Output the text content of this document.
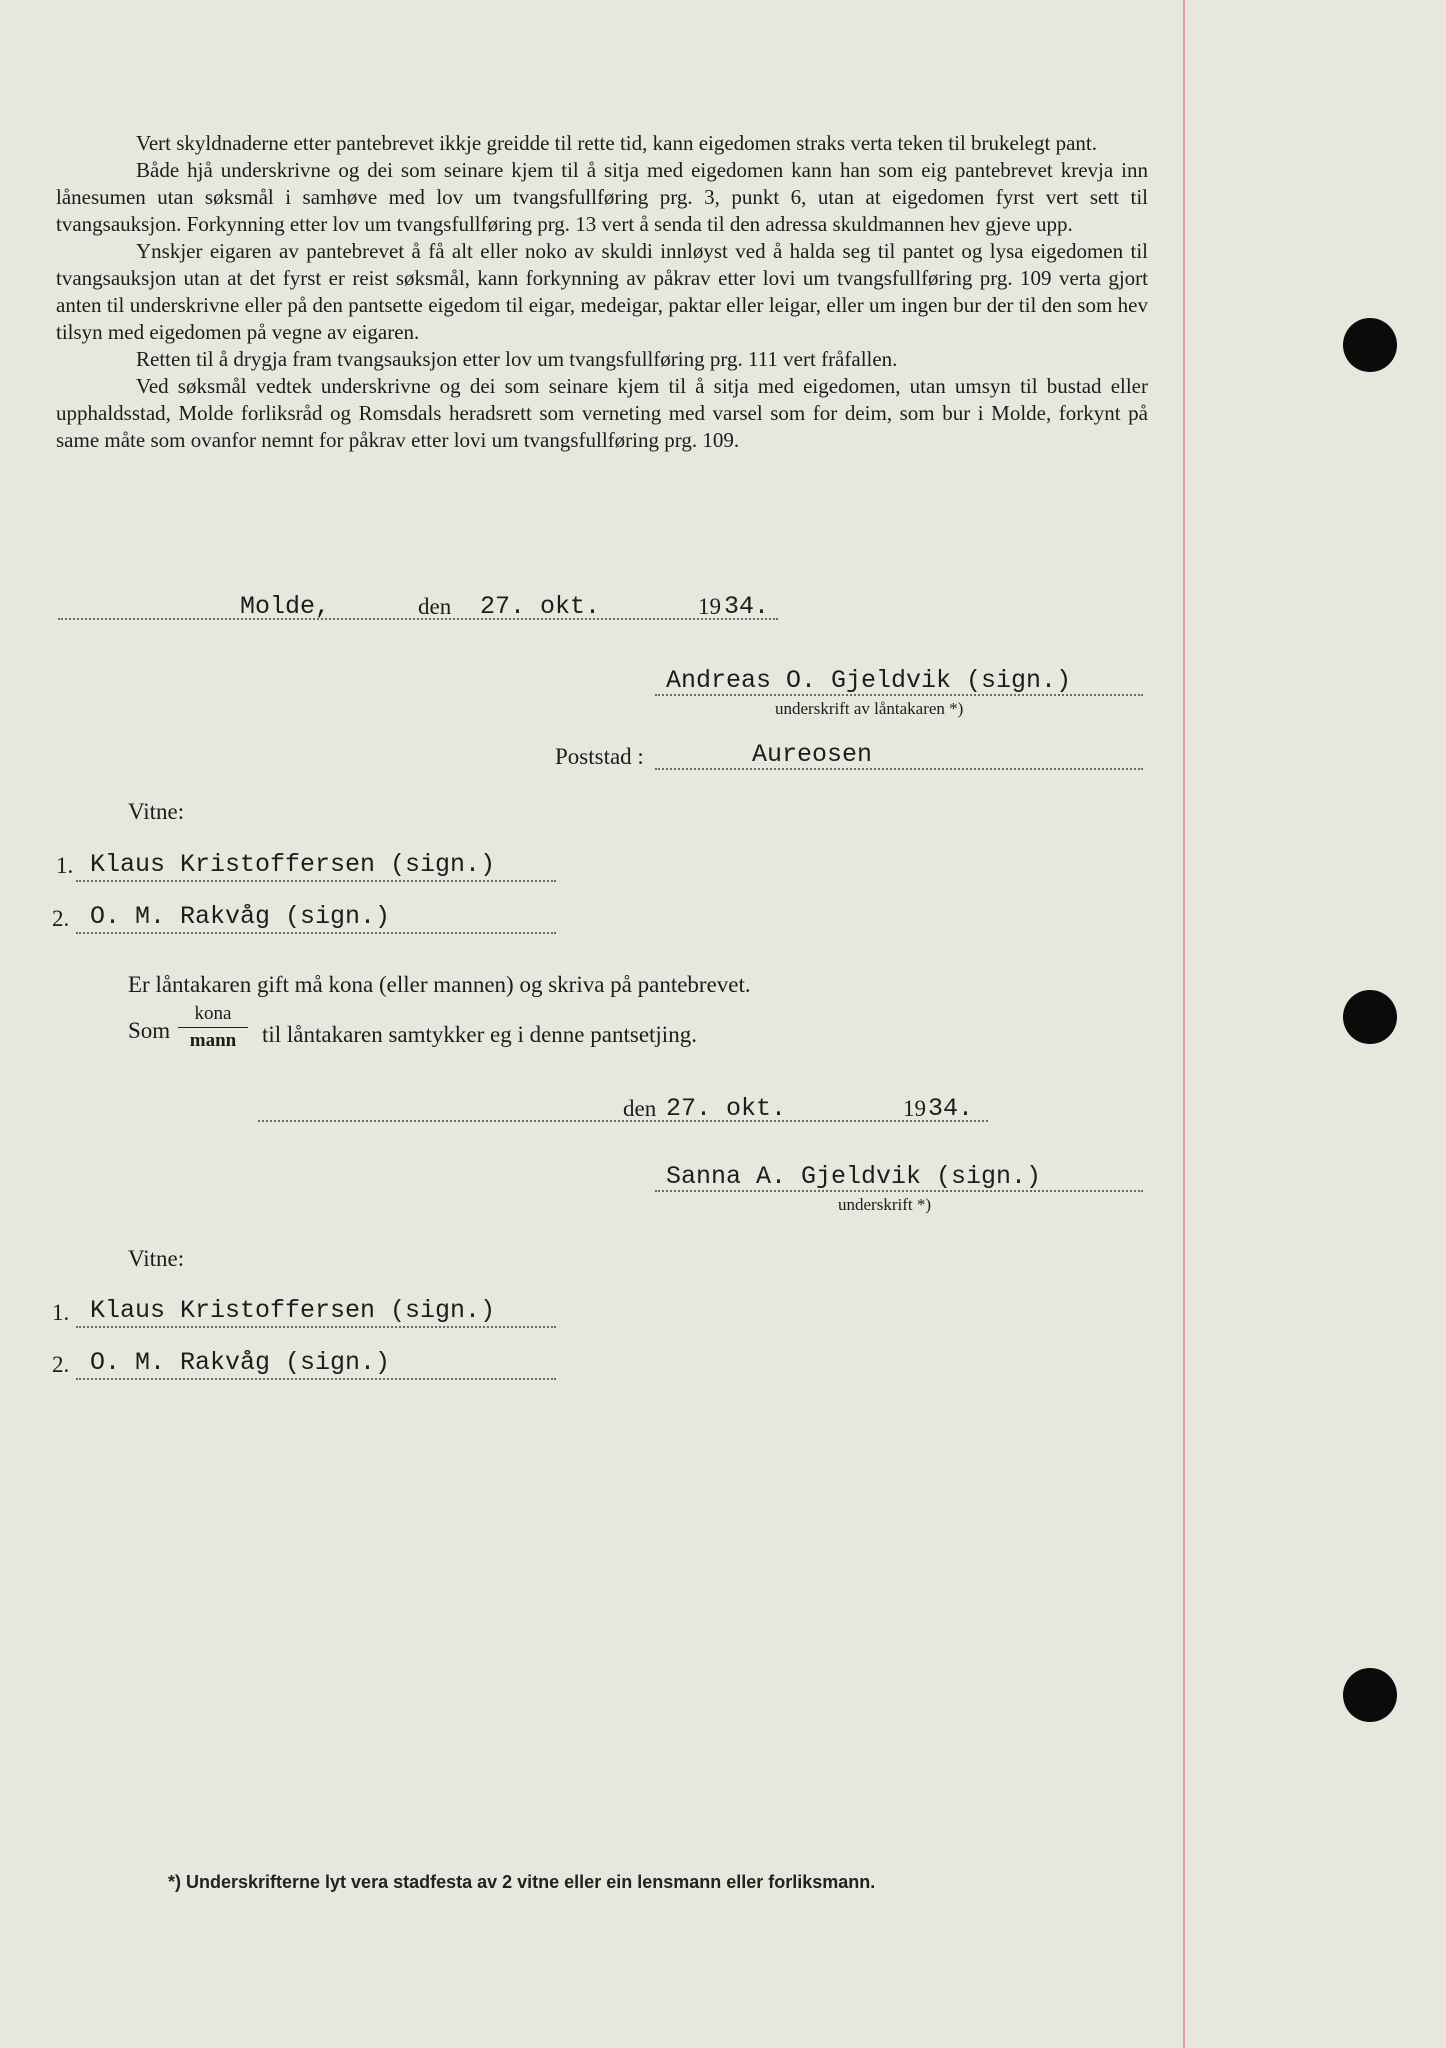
Vert skyldnaderne etter pantebrevet ikkje greidde til rette tid, kann eigedomen straks verta teken til brukelegt pant.
Både hjå underskrivne og dei som seinare kjem til å sitja med eigedomen kann han som eig pantebrevet krevja inn lånesumen utan søksmål i samhøve med lov um tvangsfullføring prg. 3, punkt 6, utan at eigedomen fyrst vert sett til tvangsauksjon. Forkynning etter lov um tvangsfullføring prg. 13 vert å senda til den adressa skuldmannen hev gjeve upp.
Ynskjer eigaren av pantebrevet å få alt eller noko av skuldi innløyst ved å halda seg til pantet og lysa eigedomen til tvangsauksjon utan at det fyrst er reist søksmål, kann forkynning av påkrav etter lovi um tvangsfullføring prg. 109 verta gjort anten til underskrivne eller på den pantsette eigedom til eigar, medeigar, paktar eller leigar, eller um ingen bur der til den som hev tilsyn med eigedomen på vegne av eigaren.
Retten til å drygja fram tvangsauksjon etter lov um tvangsfullføring prg. 111 vert fråfallen.
Ved søksmål vedtek underskrivne og dei som seinare kjem til å sitja med eigedomen, utan umsyn til bustad eller upphaldsstad, Molde forliksråd og Romsdals heradsrett som verneting med varsel som for deim, som bur i Molde, forkynt på same måte som ovanfor nemnt for påkrav etter lovi um tvangsfullføring prg. 109.
Molde,	den 27. okt.	19 34.
Andreas O. Gjeldvik (sign.)
underskrift av låntakaren *)
Poststad :	Aureosen
Vitne:
1. Klaus Kristoffersen (sign.)
2. O. M. Rakvåg (sign.)
Er låntakaren gift må kona (eller mannen) og skriva på pantebrevet.
Som
kona
mann	til låntakaren samtykker eg i denne pantsetjing.
den 27. okt.	19 34.
Sanna A. Gjeldvik (sign.)
underskrift *)
Vitne:
1. Klaus Kristoffersen (sign.)
2. O. M. Rakvåg (sign.)
*) Underskrifterne lyt vera stadfesta av 2 vitne eller ein lensmann eller forliksmann.
